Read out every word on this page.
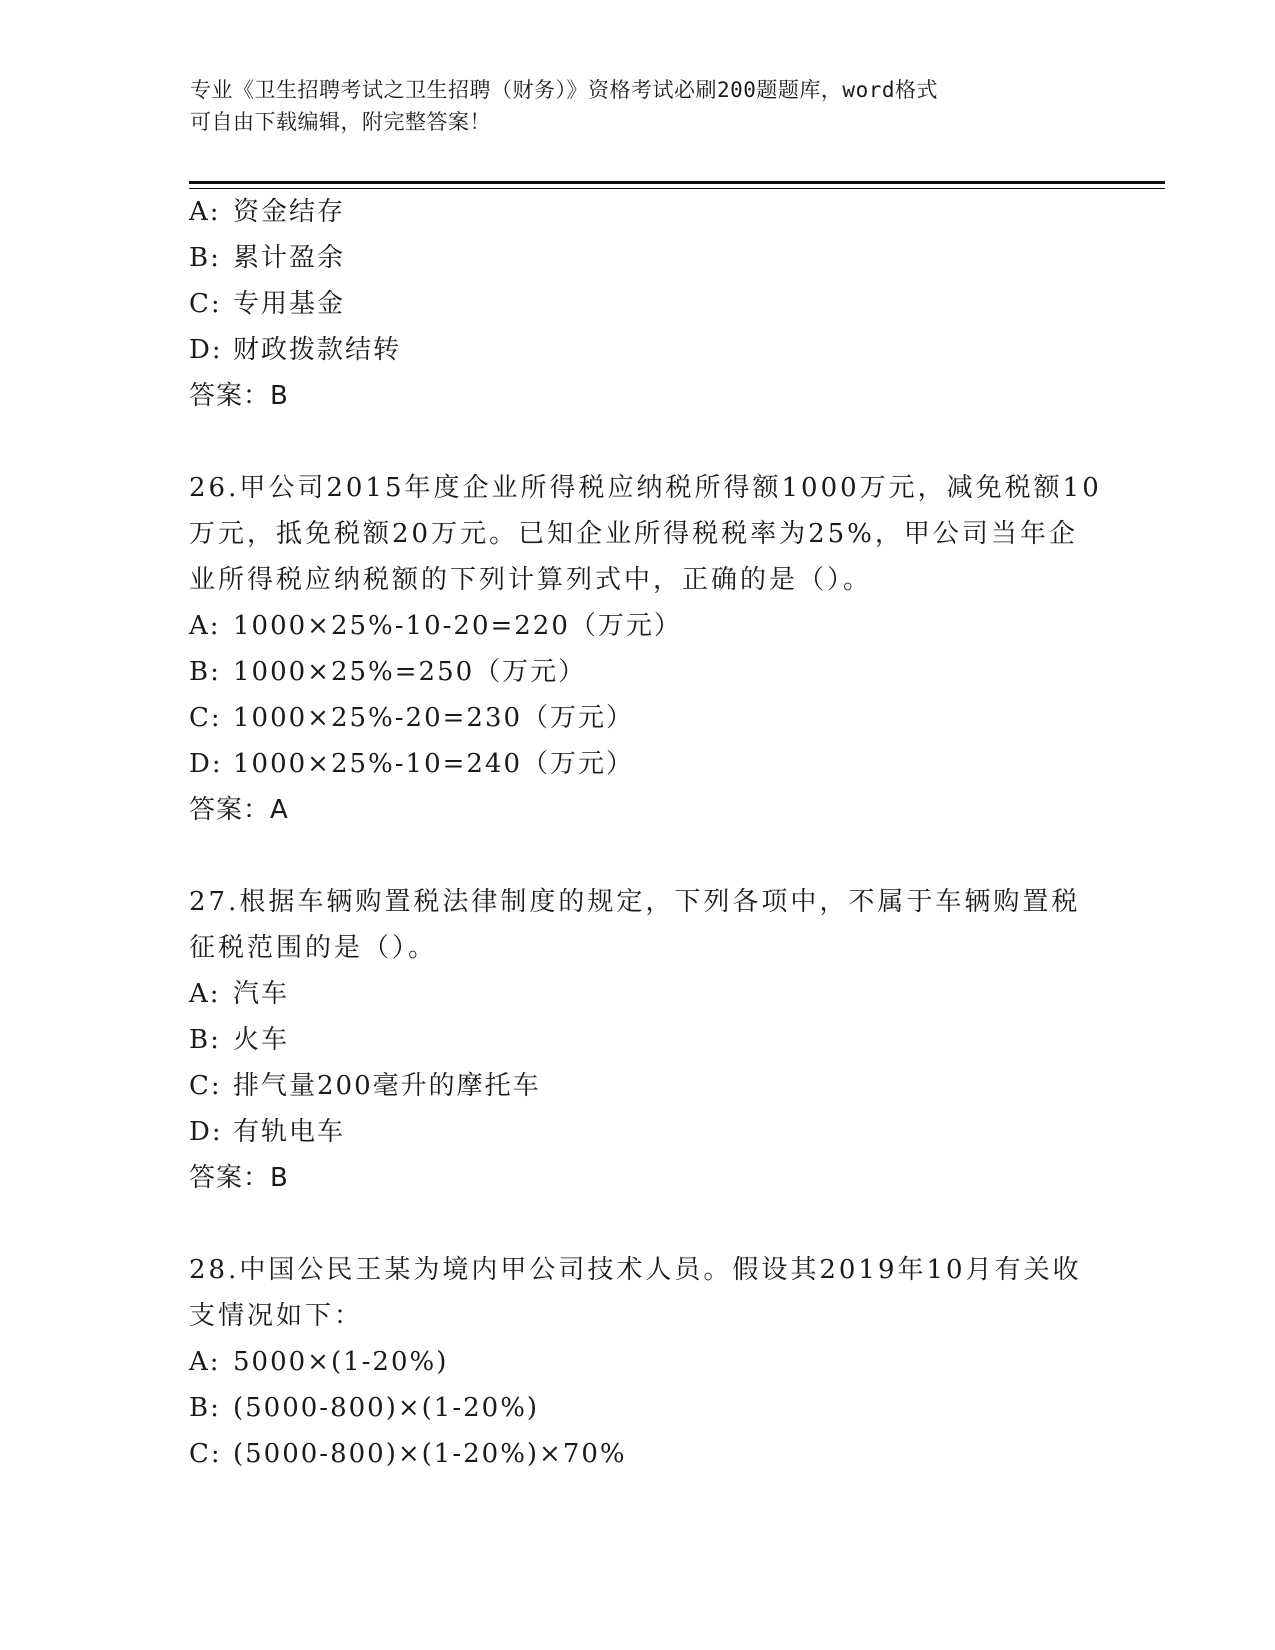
专业《卫生招聘考试之卫生招聘（财务）》资格考试必刷200题题库，word格式
可自由下载编辑，附完整答案！
A: 资金结存
B: 累计盈余
C: 专用基金
D: 财政拨款结转
答案：B
26.甲公司2015年度企业所得税应纳税所得额1000万元，减免税额10
万元，抵免税额20万元。已知企业所得税税率为25%，甲公司当年企
业所得税应纳税额的下列计算列式中，正确的是（）。
A: 1000×25%-10-20=220（万元）
B: 1000×25%=250（万元）
C: 1000×25%-20=230（万元）
D: 1000×25%-10=240（万元）
答案：A
27.根据车辆购置税法律制度的规定，下列各项中，不属于车辆购置税
征税范围的是（）。
A: 汽车
B: 火车
C: 排气量200毫升的摩托车
D: 有轨电车
答案：B
28.中国公民王某为境内甲公司技术人员。假设其2019年10月有关收
支情况如下：
A: 5000×(1-20%)
B: (5000-800)×(1-20%)
C: (5000-800)×(1-20%)×70%
